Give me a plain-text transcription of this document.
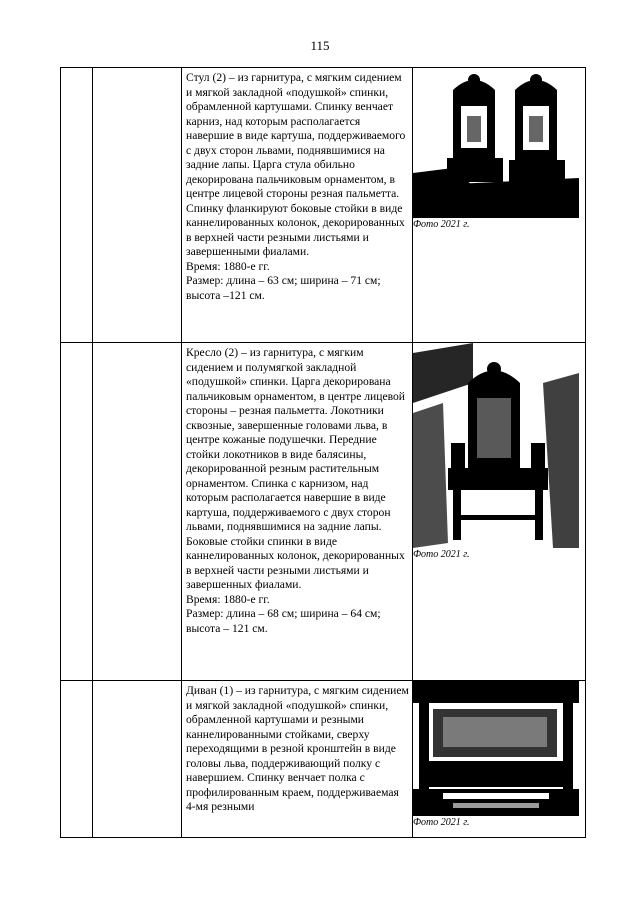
115

		Стул (2) – из гарнитура, с мягким сидением и мягкой закладной «подушкой» спинки, обрамленной картушами. Спинку венчает карниз, над которым располагается навершие в виде картуша, поддерживаемого с двух сторон львами, поднявшимися на задние лапы. Царга стула обильно декорирована пальчиковым орнаментом, в центре лицевой стороны резная пальметта. Спинку фланкируют боковые стойки в виде каннелированных колонок, декорированных в верхней части резными листьями и завершенными фиалами.

Время: 1880-е гг.

Размер: длина – 63 см; ширина – 71 см; высота –121 см.	Фото 2021 г.

		Кресло (2) – из гарнитура, с мягким сидением и полумягкой закладной «подушкой» спинки. Царга декорирована пальчиковым орнаментом, в центре лицевой стороны – резная пальметта. Локотники сквозные, завершенные головами льва, в центре кожаные подушечки. Передние стойки локотников в виде балясины, декорированной резным растительным орнаментом. Спинка с карнизом, над которым располагается навершие в виде картуша, поддерживаемого с двух сторон львами, поднявшимися на задние лапы. Боковые стойки спинки в виде каннелированных колонок, декорированных в верхней части резными листьями и завершенных фиалами.

Время: 1880-е гг.

Размер: длина – 68 см; ширина – 64 см; высота – 121 см.	Фото 2021 г.

		Диван (1) – из гарнитура, с мягким сидением и мягкой закладной «подушкой» спинки, обрамленной картушами и резными каннелированными стойками, сверху переходящими в резной кронштейн в виде головы льва, поддерживающий полку с навершием. Спинку венчает полка с профилированным краем, поддерживаемая 4-мя резными	Фото 2021 г.
